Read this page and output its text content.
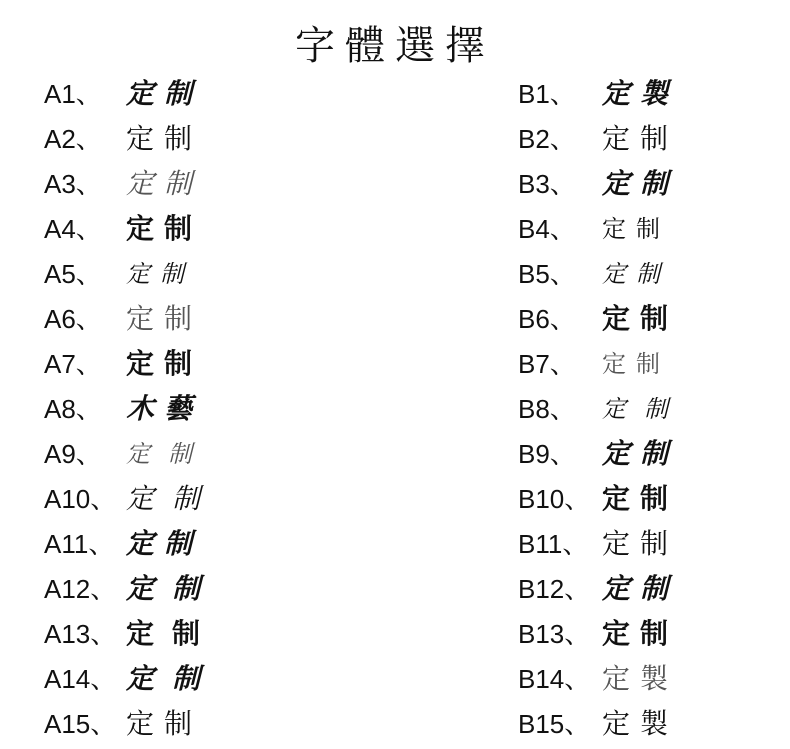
字體選擇
A1、 定制
A2、 定制
A3、 定制
A4、 定制
A5、 定制
A6、 定制
A7、 定制
A8、 木藝
A9、 定制
A10、 定制
A11、 定制
A12、 定制
A13、 定制
A14、 定制
A15、 定制
B1、 定製
B2、 定制
B3、 定制
B4、 定制
B5、 定制
B6、 定制
B7、 定制
B8、 定制
B9、 定制
B10、 定制
B11、 定制
B12、 定制
B13、 定制
B14、 定製
B15、 定製
